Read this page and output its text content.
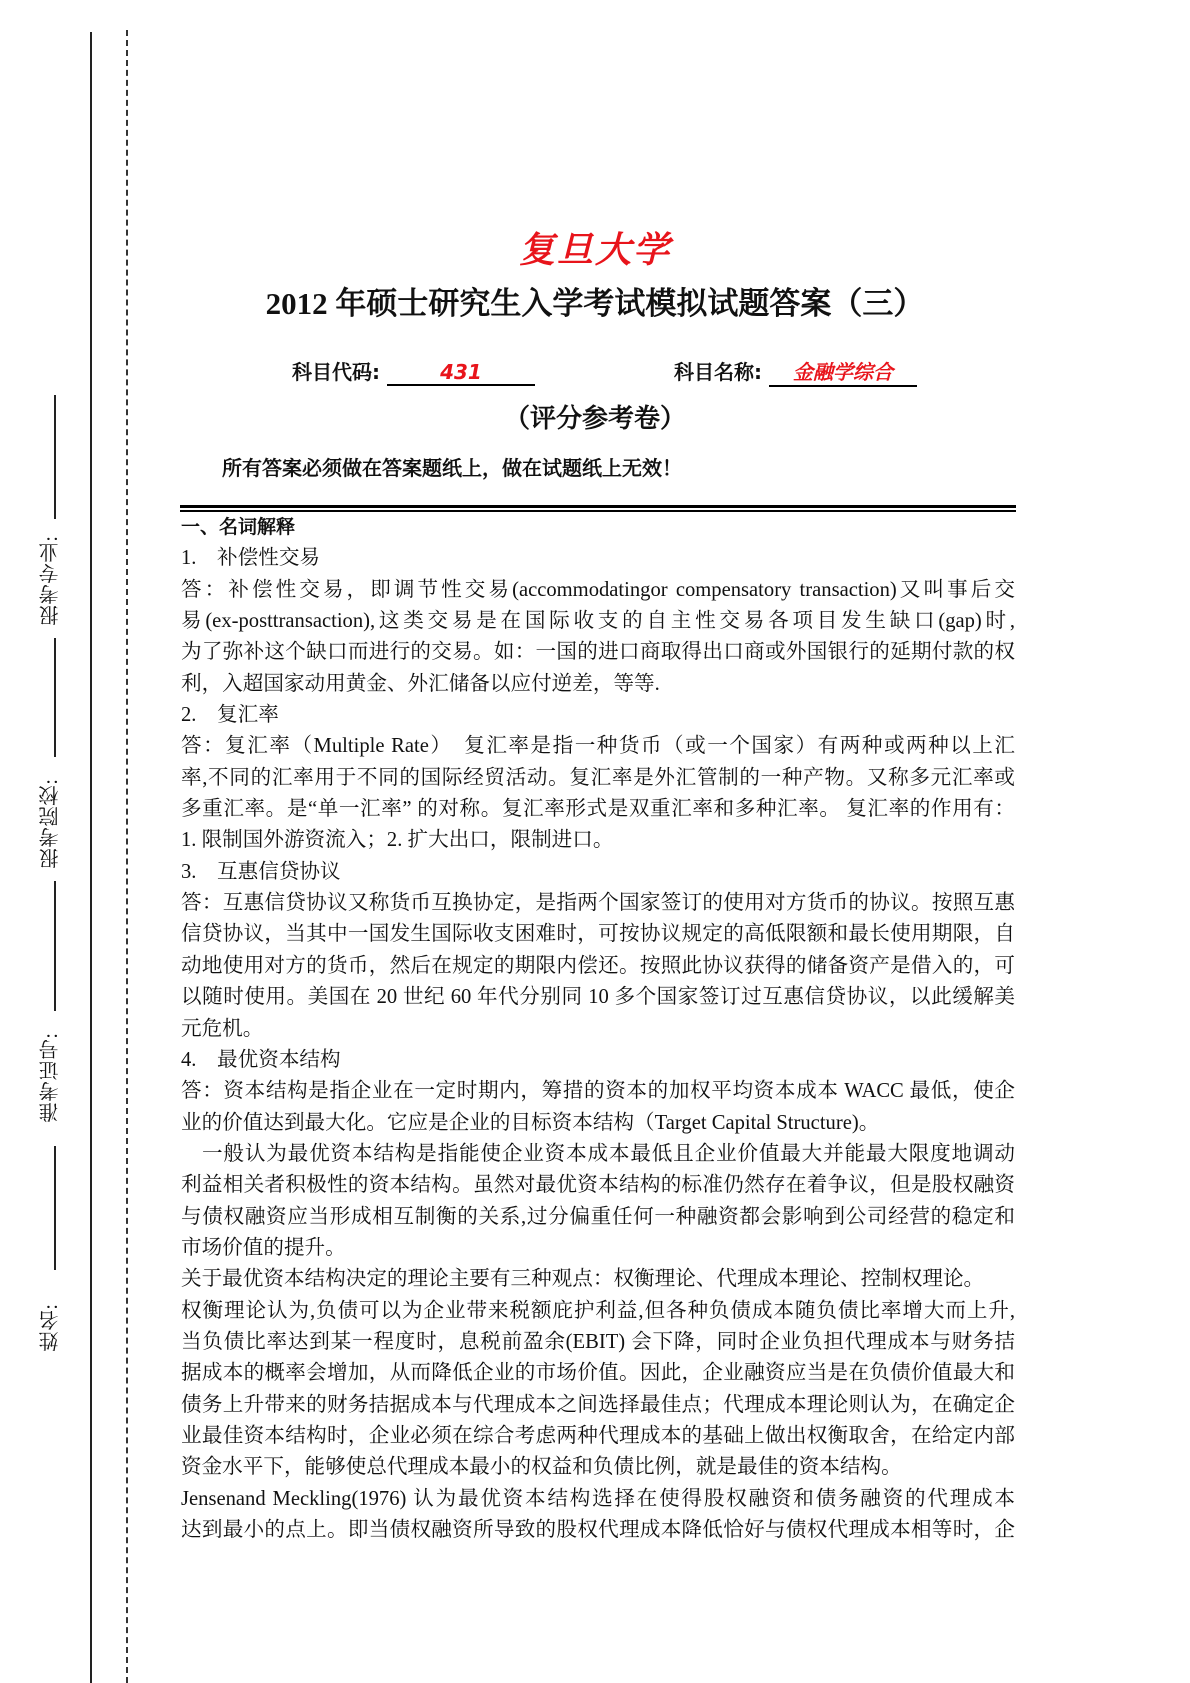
报考专业:
报考院校:
准考证号:
姓名:
复旦大学
2012 年硕士研究生入学考试模拟试题答案（三）
科目代码:	431	科目名称: 金融学综合
（评分参考卷）
所有答案必须做在答案题纸上，做在试题纸上无效！
一、名词解释
1.　补偿性交易
答：补偿性交易，即调节性交易(accommodatingor compensatory transaction)又叫事后交
易(ex-posttransaction),这类交易是在国际收支的自主性交易各项目发生缺口(gap)时,
为了弥补这个缺口而进行的交易。如：一国的进口商取得出口商或外国银行的延期付款的权
利，入超国家动用黄金、外汇储备以应付逆差，等等.
2.　复汇率
答：复汇率（Multiple Rate）　复汇率是指一种货币（或一个国家）有两种或两种以上汇
率,不同的汇率用于不同的国际经贸活动。复汇率是外汇管制的一种产物。又称多元汇率或
多重汇率。是“单一汇率” 的对称。复汇率形式是双重汇率和多种汇率。 复汇率的作用有：
1. 限制国外游资流入；2. 扩大出口，限制进口。
3.　互惠信贷协议
答：互惠信贷协议又称货币互换协定，是指两个国家签订的使用对方货币的协议。按照互惠
信贷协议，当其中一国发生国际收支困难时，可按协议规定的高低限额和最长使用期限，自
动地使用对方的货币，然后在规定的期限内偿还。按照此协议获得的储备资产是借入的，可
以随时使用。美国在 20 世纪 60 年代分别同 10 多个国家签订过互惠信贷协议，以此缓解美
元危机。
4.　最优资本结构
答：资本结构是指企业在一定时期内，筹措的资本的加权平均资本成本 WACC 最低，使企
业的价值达到最大化。它应是企业的目标资本结构（Target Capital Structure)。
一般认为最优资本结构是指能使企业资本成本最低且企业价值最大并能最大限度地调动
利益相关者积极性的资本结构。虽然对最优资本结构的标准仍然存在着争议，但是股权融资
与债权融资应当形成相互制衡的关系,过分偏重任何一种融资都会影响到公司经营的稳定和
市场价值的提升。
关于最优资本结构决定的理论主要有三种观点：权衡理论、代理成本理论、控制权理论。
权衡理论认为,负债可以为企业带来税额庇护利益,但各种负债成本随负债比率增大而上升,
当负债比率达到某一程度时，息税前盈余(EBIT) 会下降，同时企业负担代理成本与财务拮
据成本的概率会增加，从而降低企业的市场价值。因此，企业融资应当是在负债价值最大和
债务上升带来的财务拮据成本与代理成本之间选择最佳点；代理成本理论则认为，在确定企
业最佳资本结构时，企业必须在综合考虑两种代理成本的基础上做出权衡取舍，在给定内部
资金水平下，能够使总代理成本最小的权益和负债比例，就是最佳的资本结构。
Jensenand Meckling(1976) 认为最优资本结构选择在使得股权融资和债务融资的代理成本
达到最小的点上。即当债权融资所导致的股权代理成本降低恰好与债权代理成本相等时，企
